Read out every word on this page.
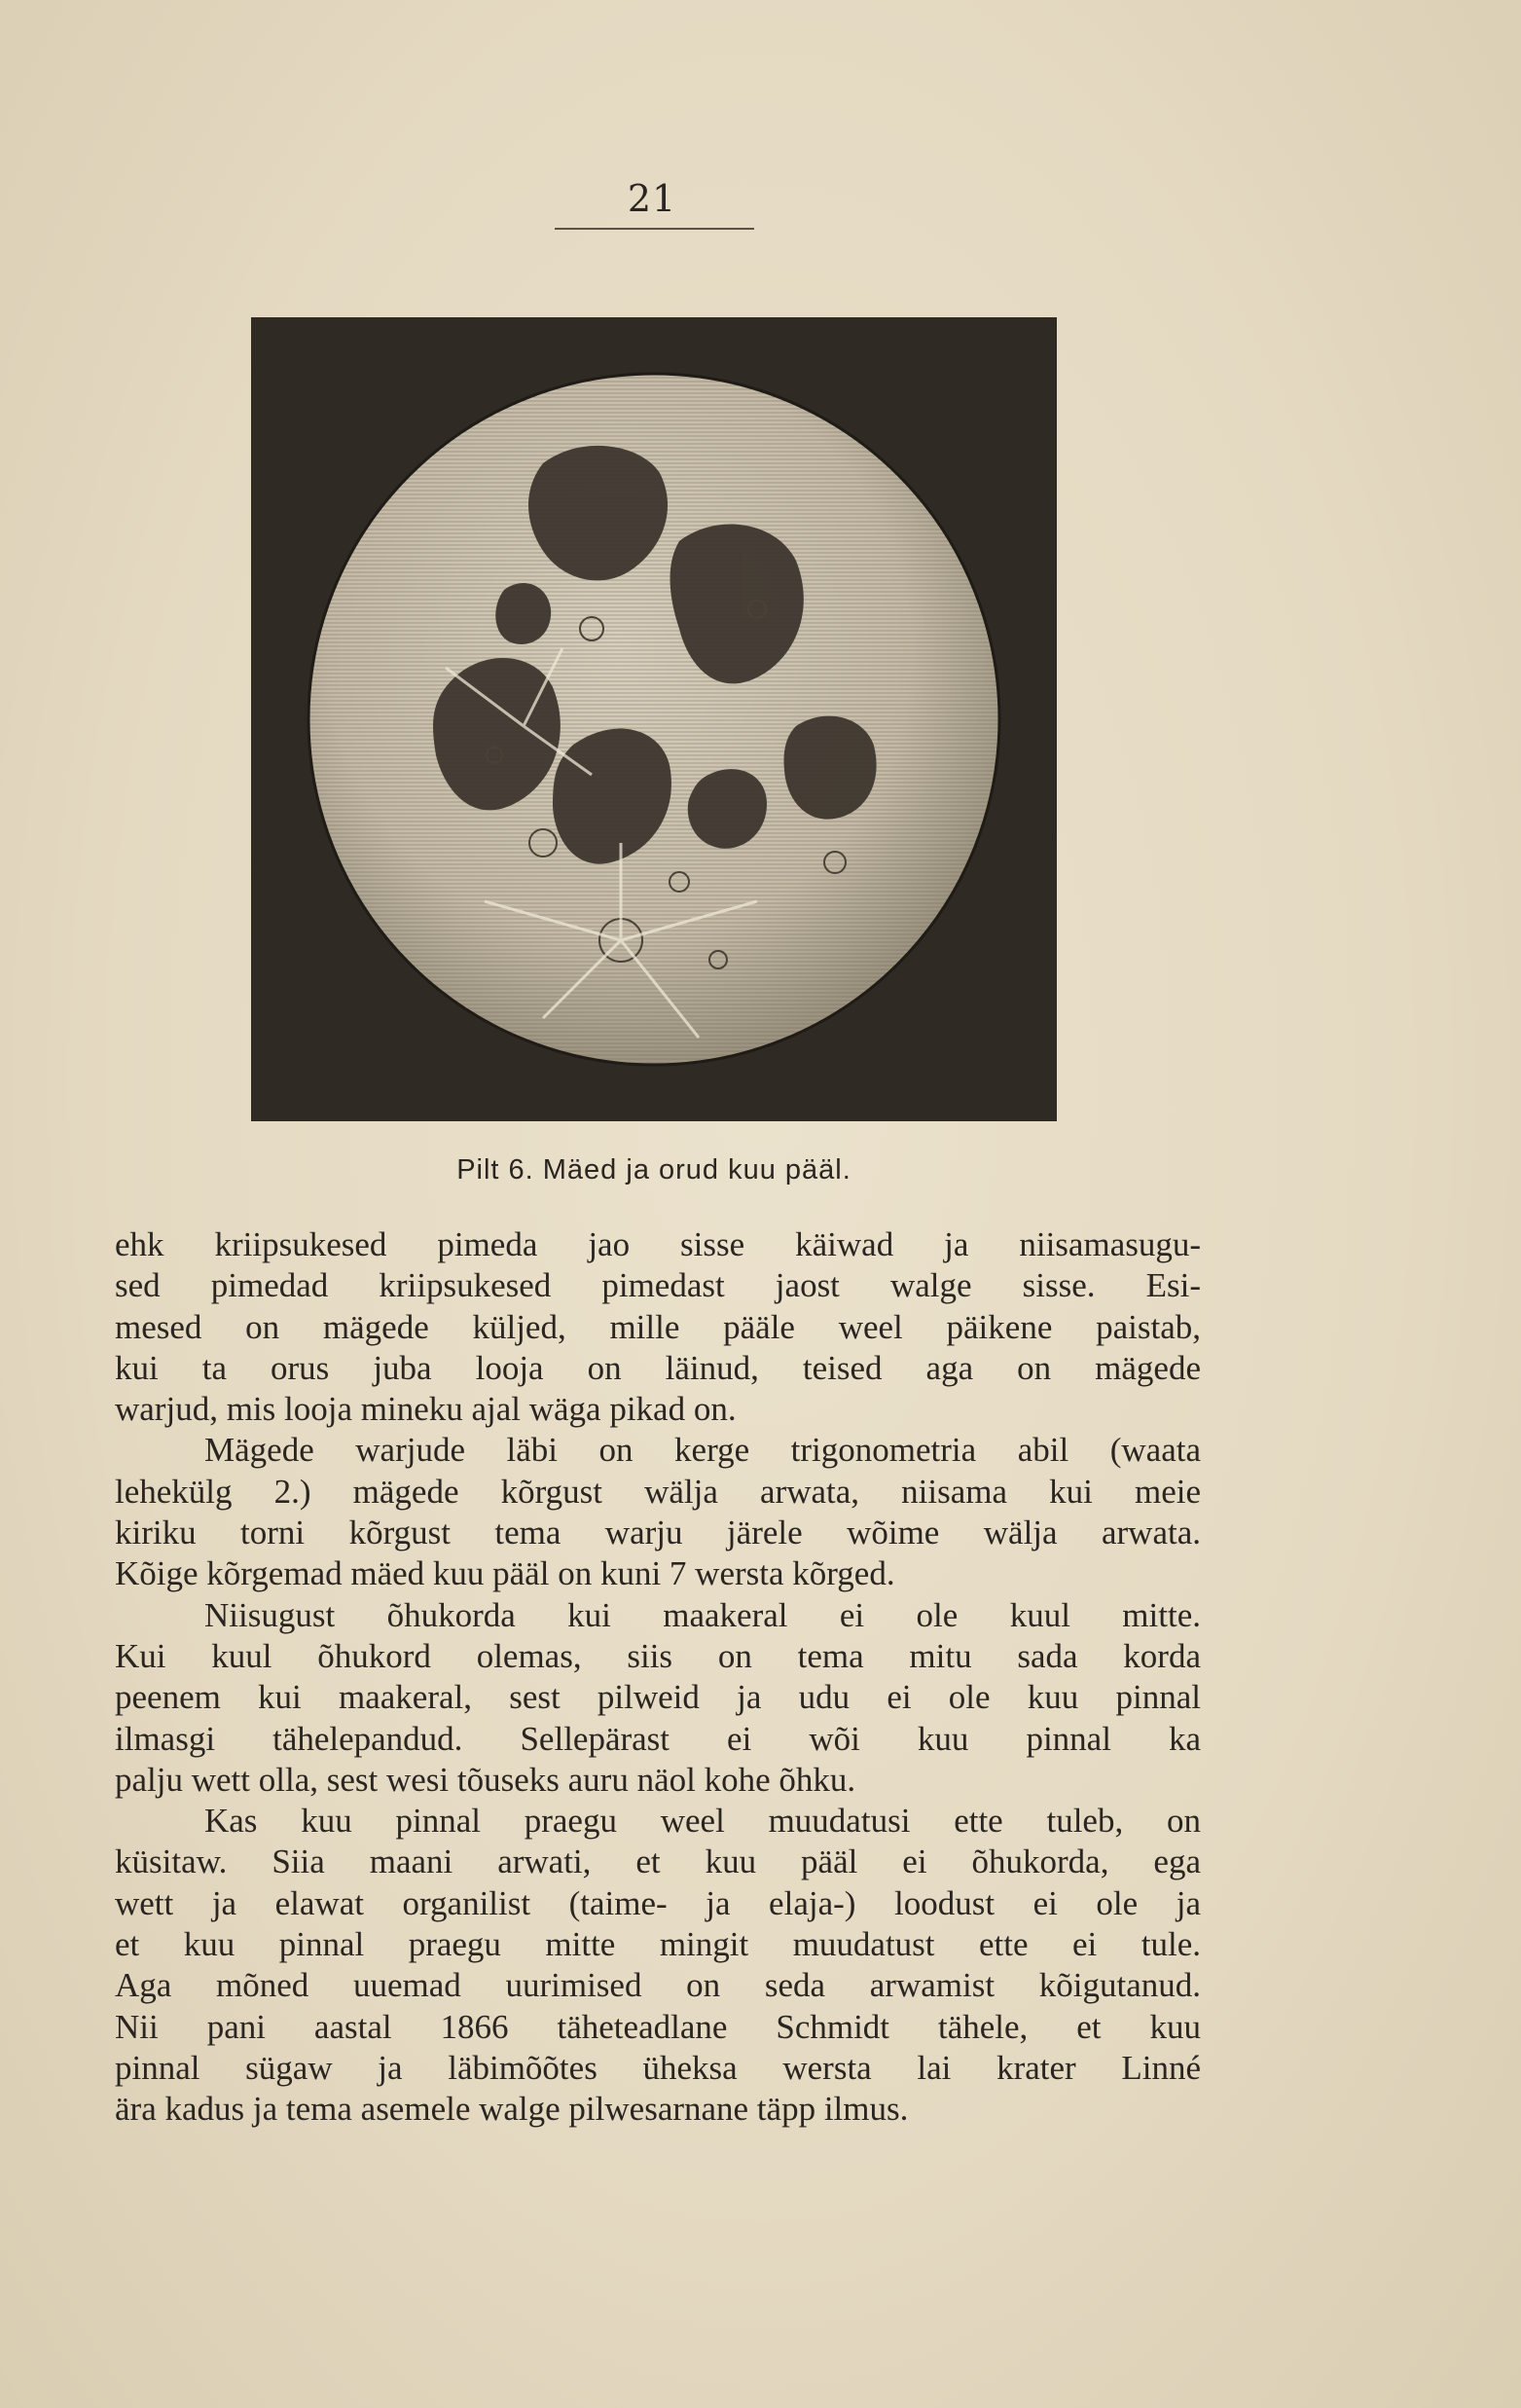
21
Pilt 6. Mäed ja orud kuu pääl.
ehk kriipsukesed pimeda jao sisse käiwad ja niisamasugu-
sed pimedad kriipsukesed pimedast jaost walge sisse. Esi-
mesed on mägede küljed, mille pääle weel päikene paistab,
kui ta orus juba looja on läinud, teised aga on mägede
warjud, mis looja mineku ajal wäga pikad on.
Mägede warjude läbi on kerge trigonometria abil (waata
lehekülg 2.) mägede kõrgust wälja arwata, niisama kui meie
kiriku torni kõrgust tema warju järele wõime wälja arwata.
Kõige kõrgemad mäed kuu pääl on kuni 7 wersta kõrged.
Niisugust õhukorda kui maakeral ei ole kuul mitte.
Kui kuul õhukord olemas, siis on tema mitu sada korda
peenem kui maakeral, sest pilweid ja udu ei ole kuu pinnal
ilmasgi tähelepandud. Sellepärast ei wõi kuu pinnal ka
palju wett olla, sest wesi tõuseks auru näol kohe õhku.
Kas kuu pinnal praegu weel muudatusi ette tuleb, on
küsitaw. Siia maani arwati, et kuu pääl ei õhukorda, ega
wett ja elawat organilist (taime- ja elaja-) loodust ei ole ja
et kuu pinnal praegu mitte mingit muudatust ette ei tule.
Aga mõned uuemad uurimised on seda arwamist kõigutanud.
Nii pani aastal 1866 täheteadlane Schmidt tähele, et kuu
pinnal sügaw ja läbimõõtes üheksa wersta lai krater Linné
ära kadus ja tema asemele walge pilwesarnane täpp ilmus.
